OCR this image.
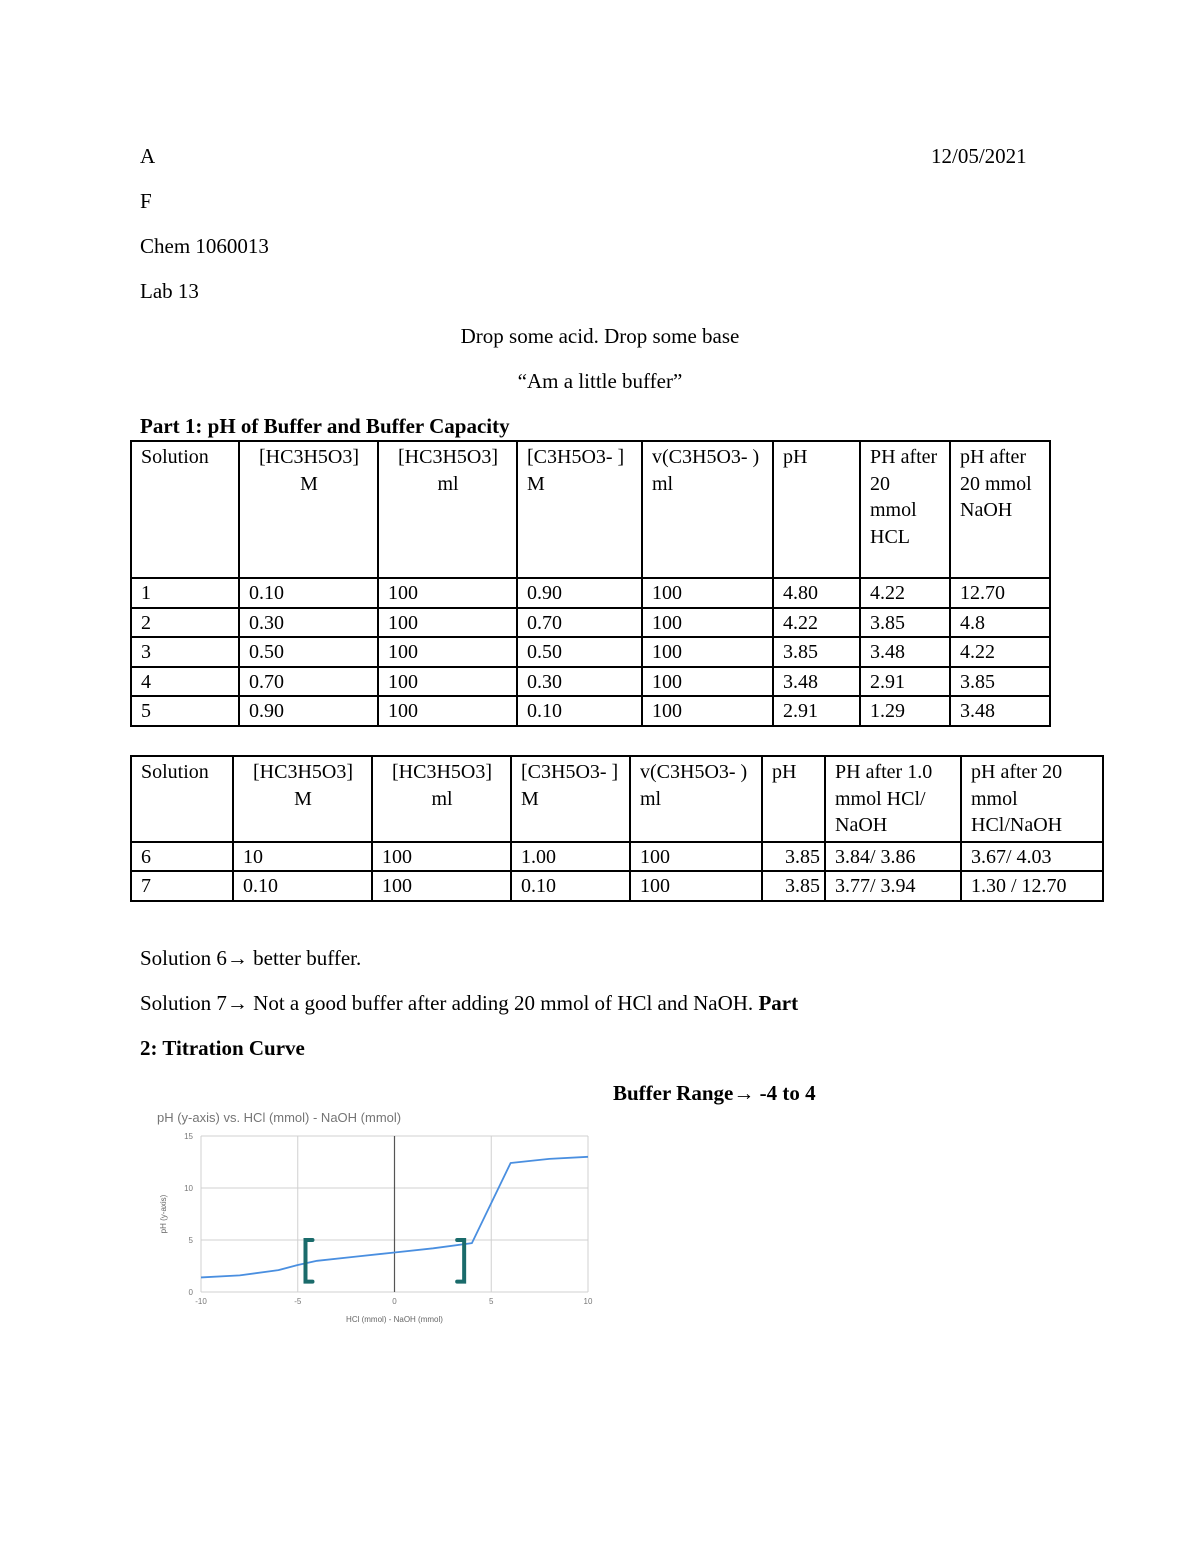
A	12/05/2021
F
Chem 1060013
Lab 13
Drop some acid. Drop some base
“Am a little buffer”
Part 1: pH of Buffer and Buffer Capacity
Solution	[HC3H5O3] M	[HC3H5O3] ml	[C3H5O3- ] M	v(C3H5O3- ) ml	pH	PH after 20 mmol HCL	pH after 20 mmol NaOH
1	0.10	100	0.90	100	4.80	4.22	12.70
2	0.30	100	0.70	100	4.22	3.85	4.8
3	0.50	100	0.50	100	3.85	3.48	4.22
4	0.70	100	0.30	100	3.48	2.91	3.85
5	0.90	100	0.10	100	2.91	1.29	3.48
Solution	[HC3H5O3] M	[HC3H5O3] ml	[C3H5O3- ] M	v(C3H5O3- ) ml	pH	PH after 1.0 mmol HCl/ NaOH	pH after 20 mmol HCl/NaOH
6	10	100	1.00	100	3.85	3.84/ 3.86	3.67/ 4.03
7	0.10	100	0.10	100	3.85	3.77/ 3.94	1.30 / 12.70
Solution 6→ better buffer.
Solution 7→ Not a good buffer after adding 20 mmol of HCl and NaOH. Part
2: Titration Curve
Buffer Range→ -4 to 4
pH (y-axis) vs. HCl (mmol) - NaOH (mmol)
0
5
10
15
-10	-5	0	5	10
HCl (mmol) - NaOH (mmol)
pH (y-axis)
